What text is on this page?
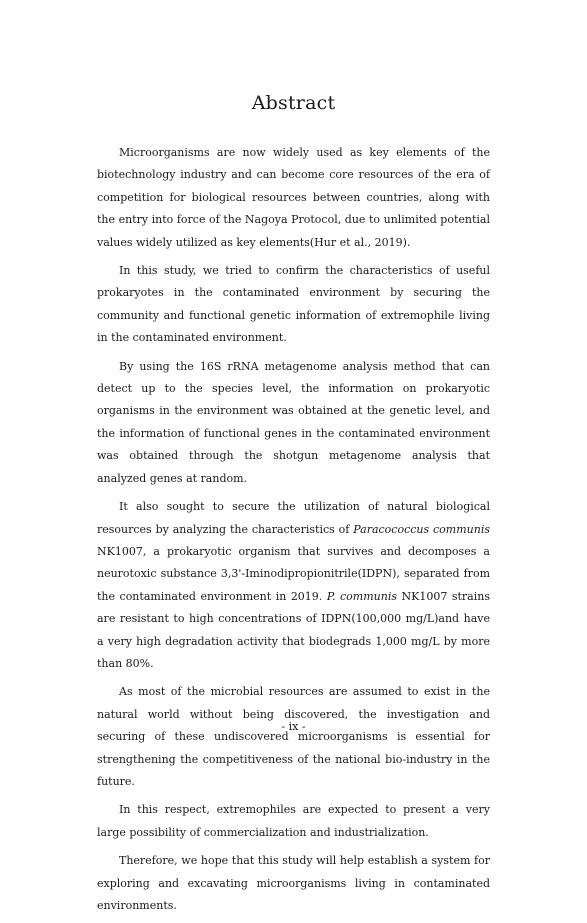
Abstract

Microorganisms are now widely used as key elements of the biotechnology industry and can become core resources of the era of competition for biological resources between countries, along with the entry into force of the Nagoya Protocol, due to unlimited potential values widely utilized as key elements(Hur et al., 2019).

In this study, we tried to confirm the characteristics of useful prokaryotes in the contaminated environment by securing the community and functional genetic information of extremophile living in the contaminated environment.

By using the 16S rRNA metagenome analysis method that can detect up to the species level, the information on prokaryotic organisms in the environment was obtained at the genetic level, and the information of functional genes in the contaminated environment was obtained through the shotgun metagenome analysis that analyzed genes at random.

It also sought to secure the utilization of natural biological resources by analyzing the characteristics of Paracococcus communis NK1007, a prokaryotic organism that survives and decomposes a neurotoxic substance 3,3'-Iminodipropionitrile(IDPN), separated from the contaminated environment in 2019. P. communis NK1007 strains are resistant to high concentrations of IDPN(100,000 mg/L)and have a very high degradation activity that biodegrads 1,000 mg/L by more than 80%.

As most of the microbial resources are assumed to exist in the natural world without being discovered, the investigation and securing of these undiscovered microorganisms is essential for strengthening the competitiveness of the national bio-industry in the future.

In this respect, extremophiles are expected to present a very large possibility of commercialization and industrialization.

Therefore, we hope that this study will help establish a system for exploring and excavating microorganisms living in contaminated environments.

- ix -
